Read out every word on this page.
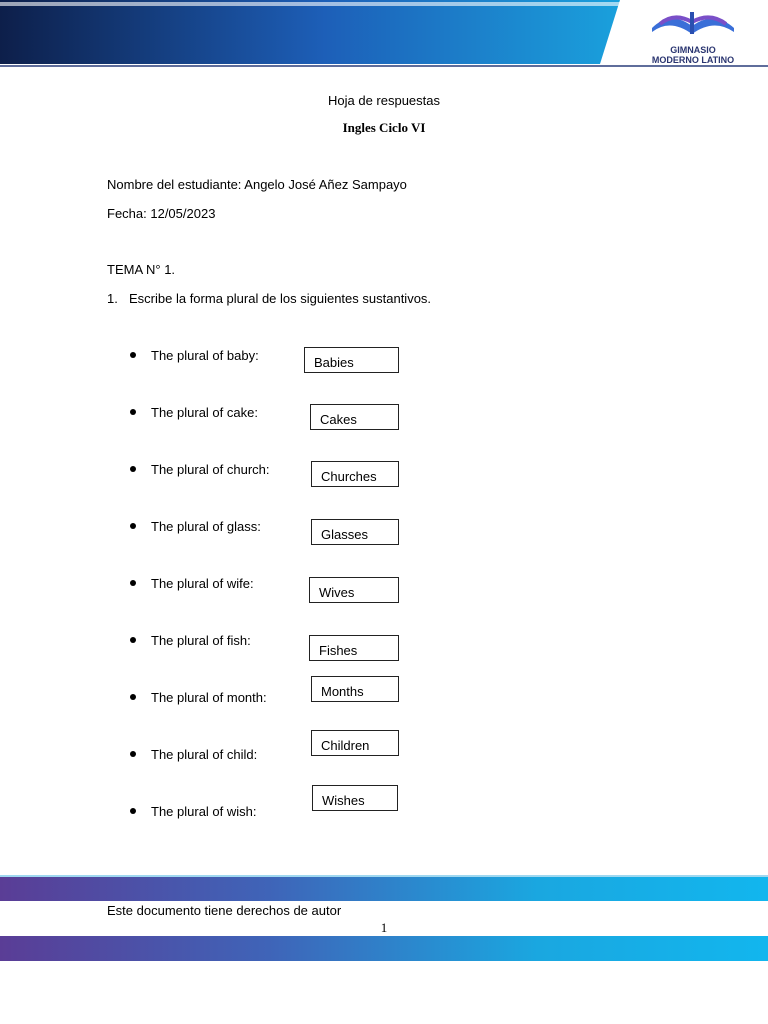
GIMNASIO
MODERNO LATINO
Hoja de respuestas
Ingles Ciclo VI
Nombre del estudiante: Angelo José Añez Sampayo
Fecha: 12/05/2023
TEMA N° 1.
1. Escribe la forma plural de los siguientes sustantivos.
The plural of baby:	Babies
The plural of cake:	Cakes
The plural of church:	Churches
The plural of glass:
Glasses
The plural of wife:
Wives
The plural of fish:
Fishes
The plural of month:	Months
The plural of child:
Children
The plural of wish:
Wishes
Este documento tiene derechos de autor
1
